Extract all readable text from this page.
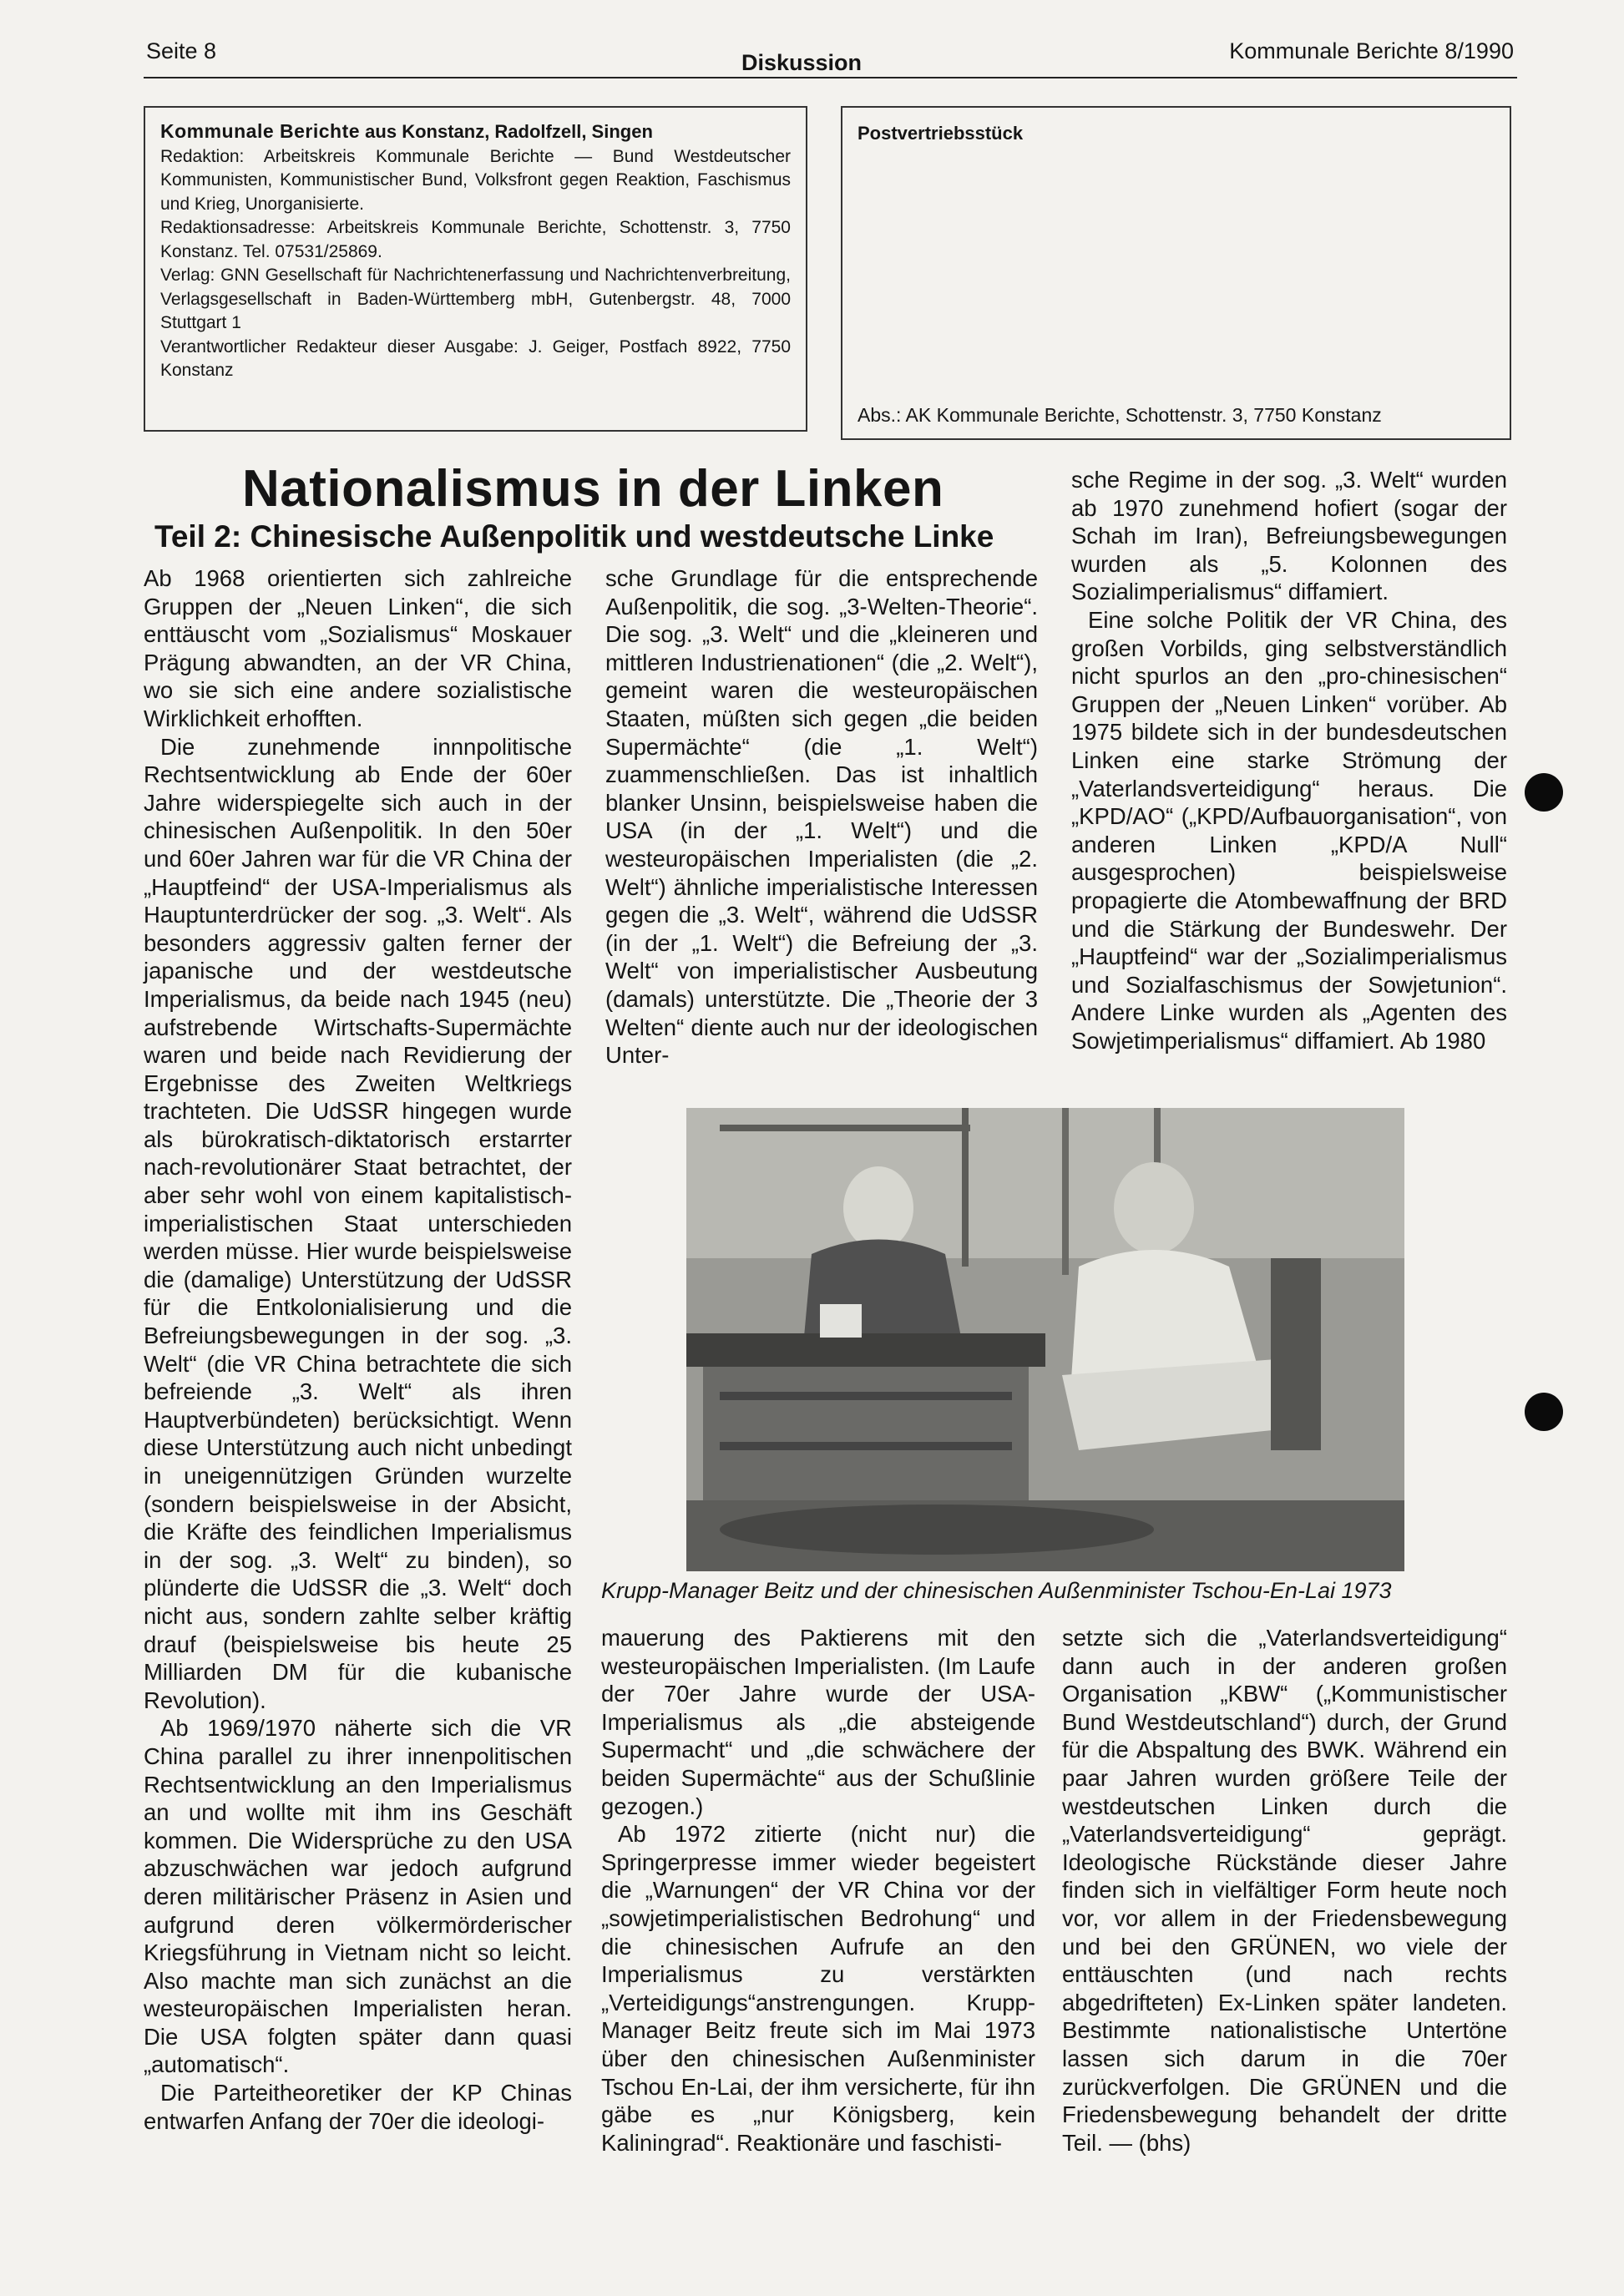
Seite 8	Diskussion	Kommunale Berichte 8/1990

Kommunale Berichte aus Konstanz, Radolfzell, Singen

Redaktion: Arbeitskreis Kommunale Berichte — Bund Westdeutscher Kommunisten, Kommunistischer Bund, Volksfront gegen Reaktion, Faschismus und Krieg, Unorganisierte.

Redaktionsadresse: Arbeitskreis Kommunale Berichte, Schottenstr. 3, 7750 Konstanz. Tel. 07531/25869.

Verlag: GNN Gesellschaft für Nachrichtenerfassung und Nachrichtenverbreitung, Verlagsgesellschaft in Baden-Württemberg mbH, Gutenbergstr. 48, 7000 Stuttgart 1

Verantwortlicher Redakteur dieser Ausgabe: J. Geiger, Postfach 8922, 7750 Konstanz

Postvertriebsstück
Abs.: AK Kommunale Berichte, Schottenstr. 3, 7750 Konstanz
Nationalismus in der Linken
Teil 2: Chinesische Außenpolitik und westdeutsche Linke

Ab 1968 orientierten sich zahlreiche Gruppen der „Neuen Linken“, die sich enttäuscht vom „Sozialismus“ Moskauer Prägung abwandten, an der VR China, wo sie sich eine andere sozialistische Wirklichkeit erhofften.

Die zunehmende innnpolitische Rechtsentwicklung ab Ende der 60er Jahre widerspiegelte sich auch in der chinesischen Außenpolitik. In den 50er und 60er Jahren war für die VR China der „Hauptfeind“ der USA-Imperialismus als Hauptunterdrücker der sog. „3. Welt“. Als besonders aggressiv galten ferner der japanische und der westdeutsche Imperialismus, da beide nach 1945 (neu) aufstrebende Wirtschafts-Supermächte waren und beide nach Revidierung der Ergebnisse des Zweiten Weltkriegs trachteten. Die UdSSR hingegen wurde als bürokratisch-diktatorisch erstarrter nach-revolutionärer Staat betrachtet, der aber sehr wohl von einem kapitalistisch-imperialistischen Staat unterschieden werden müsse. Hier wurde beispielsweise die (damalige) Unterstützung der UdSSR für die Entkolonialisierung und die Befreiungsbewegungen in der sog. „3. Welt“ (die VR China betrachtete die sich befreiende „3. Welt“ als ihren Hauptverbündeten) berücksichtigt. Wenn diese Unterstützung auch nicht unbedingt in uneigennützigen Gründen wurzelte (sondern beispielsweise in der Absicht, die Kräfte des feindlichen Imperialismus in der sog. „3. Welt“ zu binden), so plünderte die UdSSR die „3. Welt“ doch nicht aus, sondern zahlte selber kräftig drauf (beispielsweise bis heute 25 Milliarden DM für die kubanische Revolution).

Ab 1969/1970 näherte sich die VR China parallel zu ihrer innenpolitischen Rechtsentwicklung an den Imperialismus an und wollte mit ihm ins Geschäft kommen. Die Widersprüche zu den USA abzuschwächen war jedoch aufgrund deren militärischer Präsenz in Asien und aufgrund deren völkermörderischer Kriegsführung in Vietnam nicht so leicht. Also machte man sich zunächst an die westeuropäischen Imperialisten heran. Die USA folgten später dann quasi „automatisch“.

Die Parteitheoretiker der KP Chinas entwarfen Anfang der 70er die ideologi-

sche Grundlage für die entsprechende Außenpolitik, die sog. „3-Welten-Theorie“. Die sog. „3. Welt“ und die „kleineren und mittleren Industrienationen“ (die „2. Welt“), gemeint waren die westeuropäischen Staaten, müßten sich gegen „die beiden Supermächte“ (die „1. Welt“) zuammenschließen. Das ist inhaltlich blanker Unsinn, beispielsweise haben die USA (in der „1. Welt“) und die westeuropäischen Imperialisten (die „2. Welt“) ähnliche imperialistische Interessen gegen die „3. Welt“, während die UdSSR (in der „1. Welt“) die Befreiung der „3. Welt“ von imperialistischer Ausbeutung (damals) unterstützte. Die „Theorie der 3 Welten“ diente auch nur der ideologischen Unter-

sche Regime in der sog. „3. Welt“ wurden ab 1970 zunehmend hofiert (sogar der Schah im Iran), Befreiungsbewegungen wurden als „5. Kolonnen des Sozialimperialismus“ diffamiert.

Eine solche Politik der VR China, des großen Vorbilds, ging selbstverständlich nicht spurlos an den „pro-chinesischen“ Gruppen der „Neuen Linken“ vorüber. Ab 1975 bildete sich in der bundesdeutschen Linken eine starke Strömung der „Vaterlandsverteidigung“ heraus. Die „KPD/AO“ („KPD/Aufbauorganisation“, von anderen Linken „KPD/A Null“ ausgesprochen) beispielsweise propagierte die Atombewaffnung der BRD und die Stärkung der Bundeswehr. Der „Hauptfeind“ war der „Sozialimperialismus und Sozialfaschismus der Sowjetunion“. Andere Linke wurden als „Agenten des Sowjetimperialismus“ diffamiert. Ab 1980

Krupp-Manager Beitz und der chinesischen Außenminister Tschou-En-Lai 1973

mauerung des Paktierens mit den westeuropäischen Imperialisten. (Im Laufe der 70er Jahre wurde der USA-Imperialismus als „die absteigende Supermacht“ und „die schwächere der beiden Supermächte“ aus der Schußlinie gezogen.)

Ab 1972 zitierte (nicht nur) die Springerpresse immer wieder begeistert die „Warnungen“ der VR China vor der „sowjetimperialistischen Bedrohung“ und die chinesischen Aufrufe an den Imperialismus zu verstärkten „Verteidigungs“anstrengungen. Krupp-Manager Beitz freute sich im Mai 1973 über den chinesischen Außenminister Tschou En-Lai, der ihm versicherte, für ihn gäbe es „nur Königsberg, kein Kaliningrad“. Reaktionäre und faschisti-

setzte sich die „Vaterlandsverteidigung“ dann auch in der anderen großen Organisation „KBW“ („Kommunistischer Bund Westdeutschland“) durch, der Grund für die Abspaltung des BWK. Während ein paar Jahren wurden größere Teile der westdeutschen Linken durch die „Vaterlandsverteidigung“ geprägt. Ideologische Rückstände dieser Jahre finden sich in vielfältiger Form heute noch vor, vor allem in der Friedensbewegung und bei den GRÜNEN, wo viele der enttäuschten (und nach rechts abgedrifteten) Ex-Linken später landeten. Bestimmte nationalistische Untertöne lassen sich darum in die 70er zurückverfolgen. Die GRÜNEN und die Friedensbewegung behandelt der dritte Teil. — (bhs)
